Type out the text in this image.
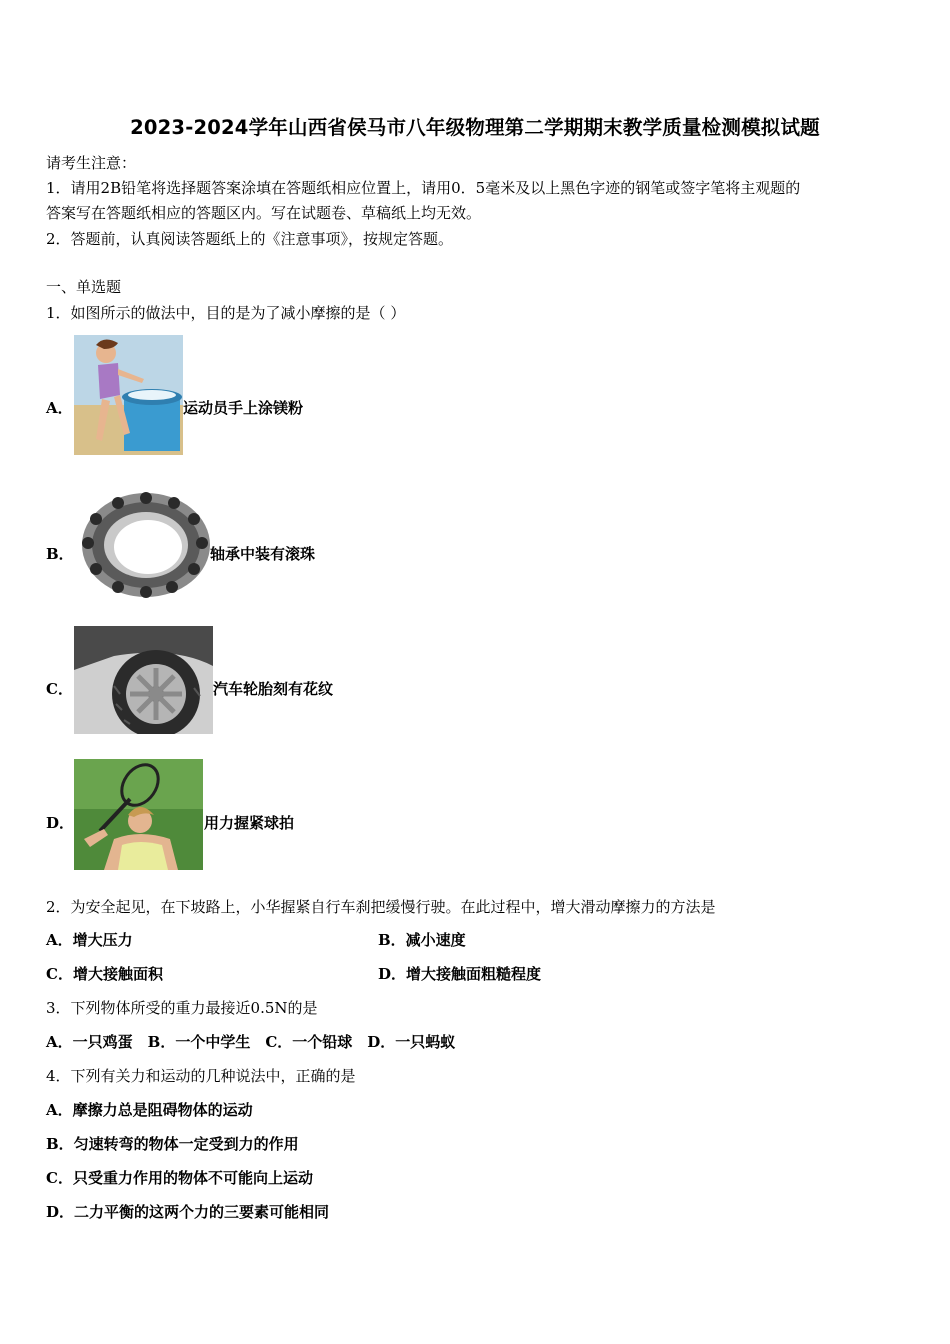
2023-2024学年山西省侯马市八年级物理第二学期期末教学质量检测模拟试题
请考生注意：
1．请用2B铅笔将选择题答案涂填在答题纸相应位置上，请用0．5毫米及以上黑色字迹的钢笔或签字笔将主观题的
答案写在答题纸相应的答题区内。写在试题卷、草稿纸上均无效。
2．答题前，认真阅读答题纸上的《注意事项》，按规定答题。
一、单选题
1．如图所示的做法中，目的是为了减小摩擦的是（ ）
A．	运动员手上涂镁粉
B．	轴承中装有滚珠
C．	汽车轮胎刻有花纹
D．	用力握紧球拍
2．为安全起见，在下坡路上，小华握紧自行车刹把缓慢行驶。在此过程中，增大滑动摩擦力的方法是
A．增大压力	B．减小速度
C．增大接触面积	D．增大接触面粗糙程度
3．下列物体所受的重力最接近0.5N的是
A．一只鸡蛋　B．一个中学生　C．一个铅球　D．一只蚂蚁
4．下列有关力和运动的几种说法中，正确的是
A．摩擦力总是阻碍物体的运动
B．匀速转弯的物体一定受到力的作用
C．只受重力作用的物体不可能向上运动
D．二力平衡的这两个力的三要素可能相同
